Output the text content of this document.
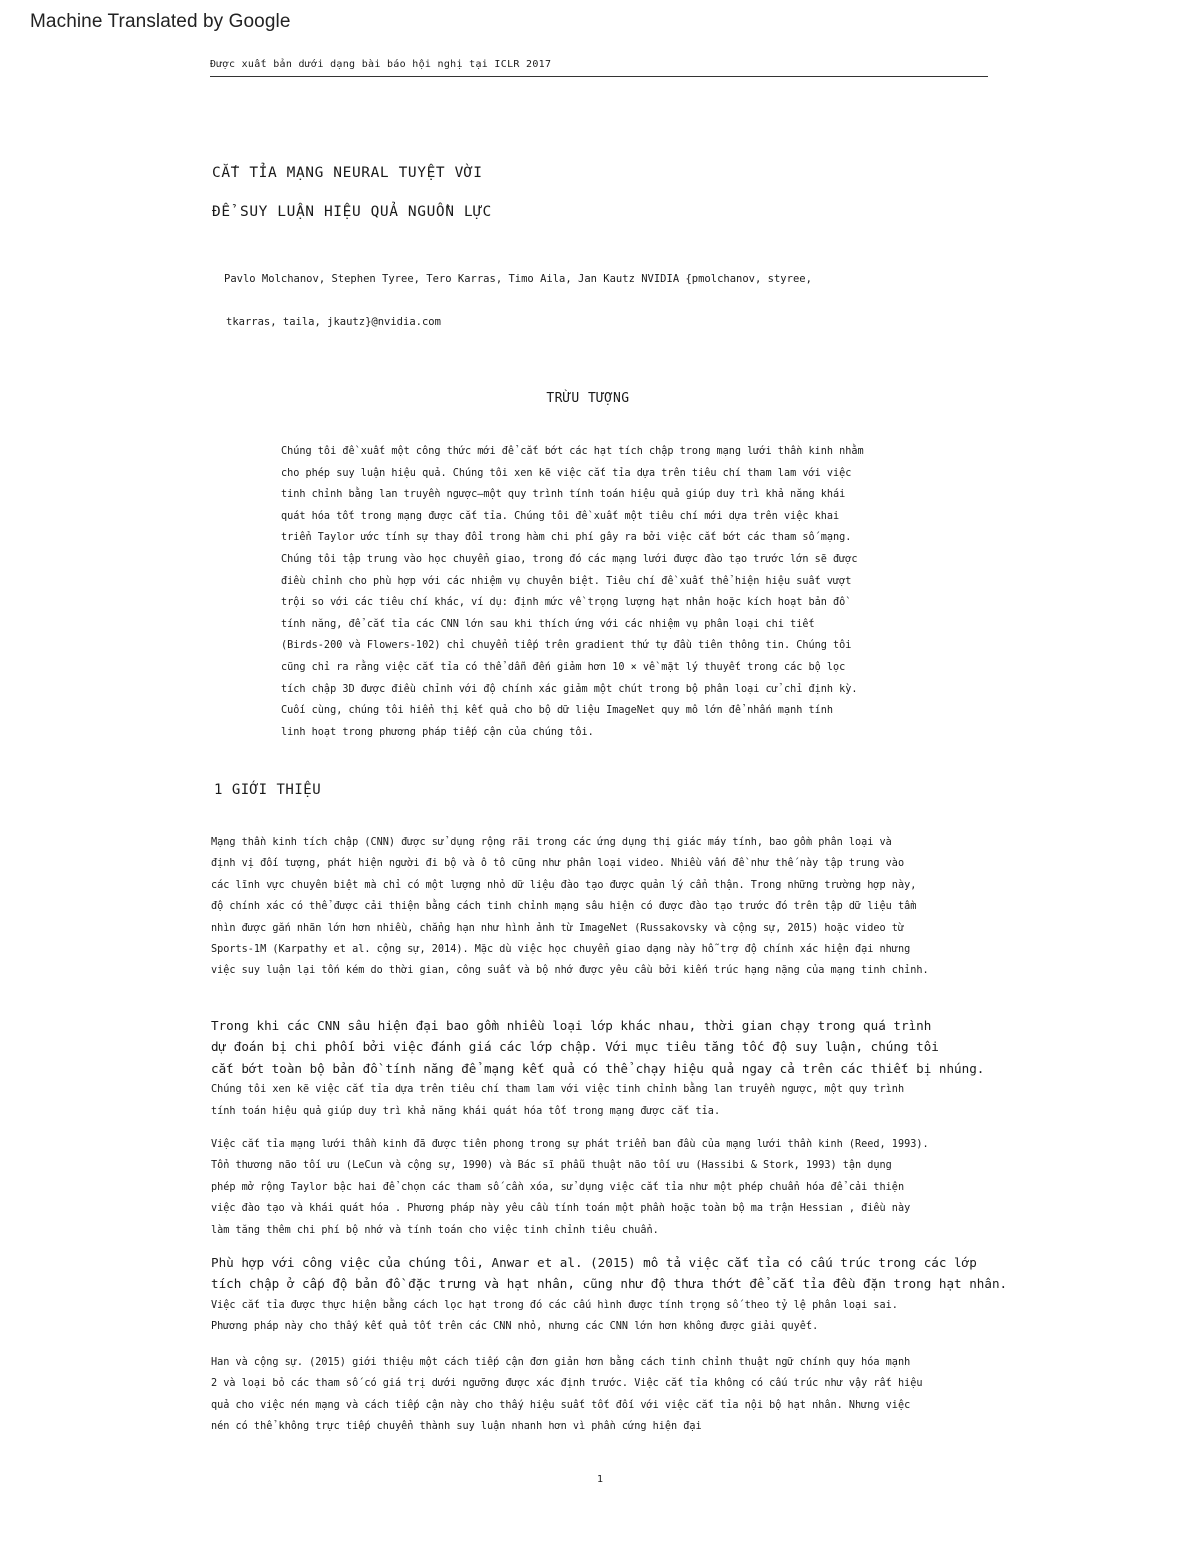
Machine Translated by Google
Được xuất bản dưới dạng bài báo hội nghị tại ICLR 2017
CẮT TỈA MẠNG NEURAL TUYỆT VỜI
ĐỂ SUY LUẬN HIỆU QUẢ NGUỒN LỰC
Pavlo Molchanov, Stephen Tyree, Tero Karras, Timo Aila, Jan Kautz NVIDIA {pmolchanov, styree,
tkarras, taila, jkautz}@nvidia.com
TRỪU TƯỢNG

Chúng tôi đề xuất một công thức mới để cắt bớt các hạt tích chập trong mạng lưới thần kinh nhằm
cho phép suy luận hiệu quả. Chúng tôi xen kẽ việc cắt tỉa dựa trên tiêu chí tham lam với việc
tinh chỉnh bằng lan truyền ngược—một quy trình tính toán hiệu quả giúp duy trì khả năng khái
quát hóa tốt trong mạng được cắt tỉa. Chúng tôi đề xuất một tiêu chí mới dựa trên việc khai
triển Taylor ước tính sự thay đổi trong hàm chi phí gây ra bởi việc cắt bớt các tham số mạng.
Chúng tôi tập trung vào học chuyển giao, trong đó các mạng lưới được đào tạo trước lớn sẽ được
điều chỉnh cho phù hợp với các nhiệm vụ chuyên biệt. Tiêu chí đề xuất thể hiện hiệu suất vượt
trội so với các tiêu chí khác, ví dụ: định mức về trọng lượng hạt nhân hoặc kích hoạt bản đồ
tính năng, để cắt tỉa các CNN lớn sau khi thích ứng với các nhiệm vụ phân loại chi tiết
(Birds-200 và Flowers-102) chỉ chuyển tiếp trên gradient thứ tự đầu tiên thông tin. Chúng tôi
cũng chỉ ra rằng việc cắt tỉa có thể dẫn đến giảm hơn 10 × về mặt lý thuyết trong các bộ lọc
tích chập 3D được điều chỉnh với độ chính xác giảm một chút trong bộ phân loại cử chỉ định kỳ.
Cuối cùng, chúng tôi hiển thị kết quả cho bộ dữ liệu ImageNet quy mô lớn để nhấn mạnh tính
linh hoạt trong phương pháp tiếp cận của chúng tôi.

1 GIỚI THIỆU

Mạng thần kinh tích chập (CNN) được sử dụng rộng rãi trong các ứng dụng thị giác máy tính, bao gồm phân loại và
định vị đối tượng, phát hiện người đi bộ và ô tô cũng như phân loại video. Nhiều vấn đề như thế này tập trung vào
các lĩnh vực chuyên biệt mà chỉ có một lượng nhỏ dữ liệu đào tạo được quản lý cẩn thận. Trong những trường hợp này,
độ chính xác có thể được cải thiện bằng cách tinh chỉnh mạng sâu hiện có được đào tạo trước đó trên tập dữ liệu tầm
nhìn được gắn nhãn lớn hơn nhiều, chẳng hạn như hình ảnh từ ImageNet (Russakovsky và cộng sự, 2015) hoặc video từ
Sports-1M (Karpathy et al. cộng sự, 2014). Mặc dù việc học chuyển giao dạng này hỗ trợ độ chính xác hiện đại nhưng
việc suy luận lại tốn kém do thời gian, công suất và bộ nhớ được yêu cầu bởi kiến trúc hạng nặng của mạng tinh chỉnh.

Trong khi các CNN sâu hiện đại bao gồm nhiều loại lớp khác nhau, thời gian chạy trong quá trình
dự đoán bị chi phối bởi việc đánh giá các lớp chập. Với mục tiêu tăng tốc độ suy luận, chúng tôi
cắt bớt toàn bộ bản đồ tính năng để mạng kết quả có thể chạy hiệu quả ngay cả trên các thiết bị nhúng.
Chúng tôi xen kẽ việc cắt tỉa dựa trên tiêu chí tham lam với việc tinh chỉnh bằng lan truyền ngược, một quy trình
tính toán hiệu quả giúp duy trì khả năng khái quát hóa tốt trong mạng được cắt tỉa.

Việc cắt tỉa mạng lưới thần kinh đã được tiên phong trong sự phát triển ban đầu của mạng lưới thần kinh (Reed, 1993).
Tổn thương não tối ưu (LeCun và cộng sự, 1990) và Bác sĩ phẫu thuật não tối ưu (Hassibi & Stork, 1993) tận dụng
phép mở rộng Taylor bậc hai để chọn các tham số cần xóa, sử dụng việc cắt tỉa như một phép chuẩn hóa để cải thiện
việc đào tạo và khái quát hóa . Phương pháp này yêu cầu tính toán một phần hoặc toàn bộ ma trận Hessian , điều này
làm tăng thêm chi phí bộ nhớ và tính toán cho việc tinh chỉnh tiêu chuẩn.

Phù hợp với công việc của chúng tôi, Anwar et al. (2015) mô tả việc cắt tỉa có cấu trúc trong các lớp
tích chập ở cấp độ bản đồ đặc trưng và hạt nhân, cũng như độ thưa thớt để cắt tỉa đều đặn trong hạt nhân.
Việc cắt tỉa được thực hiện bằng cách lọc hạt trong đó các cấu hình được tính trọng số theo tỷ lệ phân loại sai.
Phương pháp này cho thấy kết quả tốt trên các CNN nhỏ, nhưng các CNN lớn hơn không được giải quyết.

Han và cộng sự. (2015) giới thiệu một cách tiếp cận đơn giản hơn bằng cách tinh chỉnh thuật ngữ chính quy hóa mạnh
2 và loại bỏ các tham số có giá trị dưới ngưỡng được xác định trước. Việc cắt tỉa không có cấu trúc như vậy rất hiệu
quả cho việc nén mạng và cách tiếp cận này cho thấy hiệu suất tốt đối với việc cắt tỉa nội bộ hạt nhân. Nhưng việc
nén có thể không trực tiếp chuyển thành suy luận nhanh hơn vì phần cứng hiện đại

1
